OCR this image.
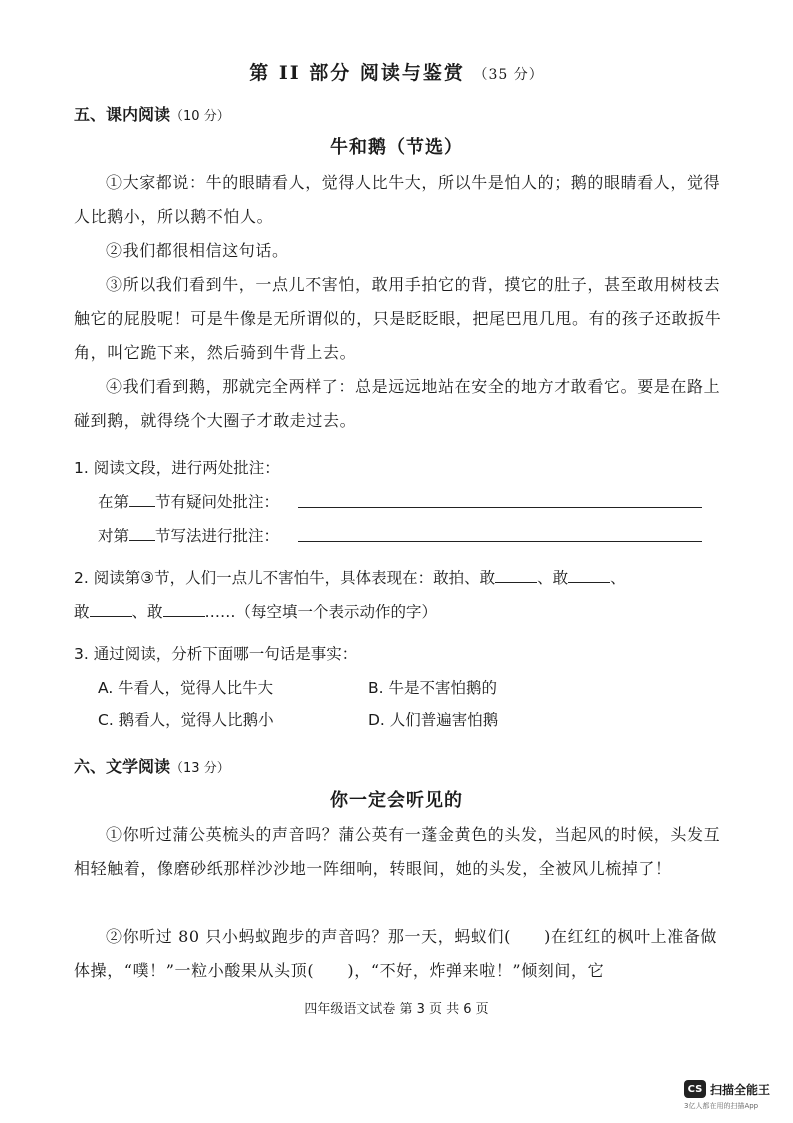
第 II 部分 阅读与鉴赏 （35 分）
五、课内阅读（10 分）
牛和鹅（节选）
①大家都说：牛的眼睛看人，觉得人比牛大，所以牛是怕人的；鹅的眼睛看人，觉得人比鹅小，所以鹅不怕人。
②我们都很相信这句话。
③所以我们看到牛，一点儿不害怕，敢用手拍它的背，摸它的肚子，甚至敢用树枝去触它的屁股呢！可是牛像是无所谓似的，只是眨眨眼，把尾巴甩几甩。有的孩子还敢扳牛角，叫它跪下来，然后骑到牛背上去。
④我们看到鹅，那就完全两样了：总是远远地站在安全的地方才敢看它。要是在路上碰到鹅，就得绕个大圈子才敢走过去。
1. 阅读文段，进行两处批注：
在第 节有疑问处批注：
对第 节写法进行批注：
2. 阅读第③节，人们一点儿不害怕牛，具体表现在：敢拍、敢	、敢	、
敢	、敢	……（每空填一个表示动作的字）
3. 通过阅读，分析下面哪一句话是事实：
A. 牛看人，觉得人比牛大	B. 牛是不害怕鹅的
C. 鹅看人，觉得人比鹅小	D. 人们普遍害怕鹅
六、文学阅读（13 分）
你一定会听见的
①你听过蒲公英梳头的声音吗？蒲公英有一蓬金黄色的头发，当起风的时候，头发互相轻触着，像磨砂纸那样沙沙地一阵细响，转眼间，她的头发，全被风儿梳掉了！
②你听过 80 只小蚂蚁跑步的声音吗？那一天，蚂蚁们(　　)在红红的枫叶上准备做体操，“噗！”一粒小酸果从头顶(　　)，“不好，炸弹来啦！”倾刻间，它
四年级语文试卷 第 3 页 共 6 页
CS 扫描全能王
3亿人都在用的扫描App
